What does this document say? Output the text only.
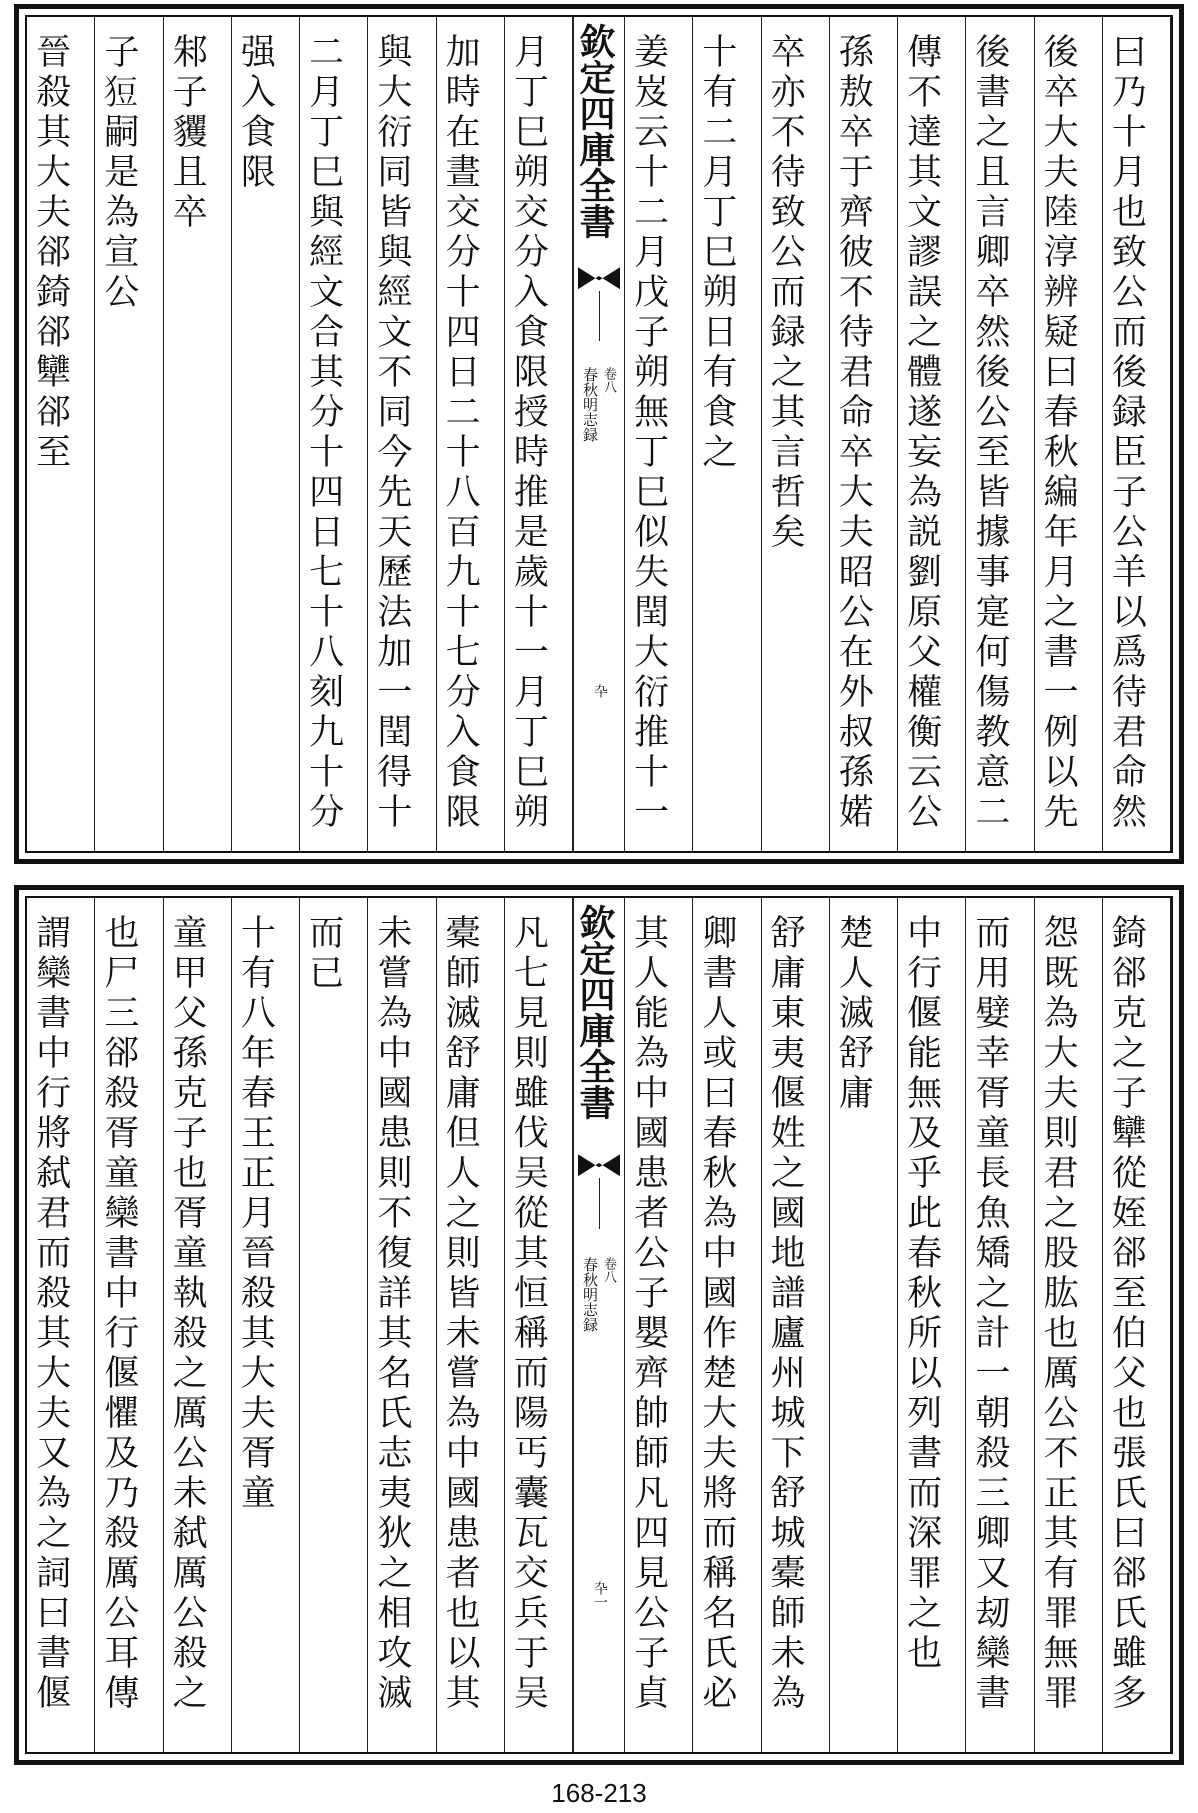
曰乃十月也致公而後録臣子公羊以爲待君命然
後卒大夫陸淳辨疑曰春秋編年月之書一例以先
後書之且言卿卒然後公至皆據事寔何傷教意二
傳不達其文謬誤之體遂妄為説劉原父權衡云公
孫敖卒于齊彼不待君命卒大夫昭公在外叔孫婼
卒亦不待致公而録之其言哲矣
十有二月丁巳朔日有食之
姜岌云十二月戊子朔無丁巳似失閏大衍推十一
月丁巳朔交分入食限授時推是歲十一月丁巳朔
加時在晝交分十四日二十八百九十七分入食限
與大衍同皆與經文不同今先天歷法加一閏得十
二月丁巳與經文合其分十四日七十八刻九十分
强入食限
邾子貜且卒
子𤞟嗣是為宣公
晉殺其大夫郤錡郤犫郤至	欽定四庫全書
春秋明志録 卷八
卆
錡郤克之子犫從姪郤至伯父也張氏曰郤氏雖多
怨既為大夫則君之股肱也厲公不正其有罪無罪
而用嬖幸胥童長魚矯之計一朝殺三卿又刼欒書
中行偃能無及乎此春秋所以列書而深罪之也
楚人滅舒庸
舒庸東夷偃姓之國地譜廬州城下舒城橐師未為
卿書人或曰春秋為中國作楚大夫將而稱名氏必
其人能為中國患者公子嬰齊帥師凡四見公子貞
凡七見則雖伐吴從其恒稱而陽丐囊瓦交兵于吴
橐師滅舒庸但人之則皆未嘗為中國患者也以其
未嘗為中國患則不復詳其名氏志夷狄之相攻滅
而已
十有八年春王正月晉殺其大夫胥童
童甲父孫克子也胥童執殺之厲公未弑厲公殺之
也尸三郤殺胥童欒書中行偃懼及乃殺厲公耳傳
謂欒書中行將弑君而殺其大夫又為之詞曰書偃	欽定四庫全書
春秋明志録 卷八
卆一
168-213
